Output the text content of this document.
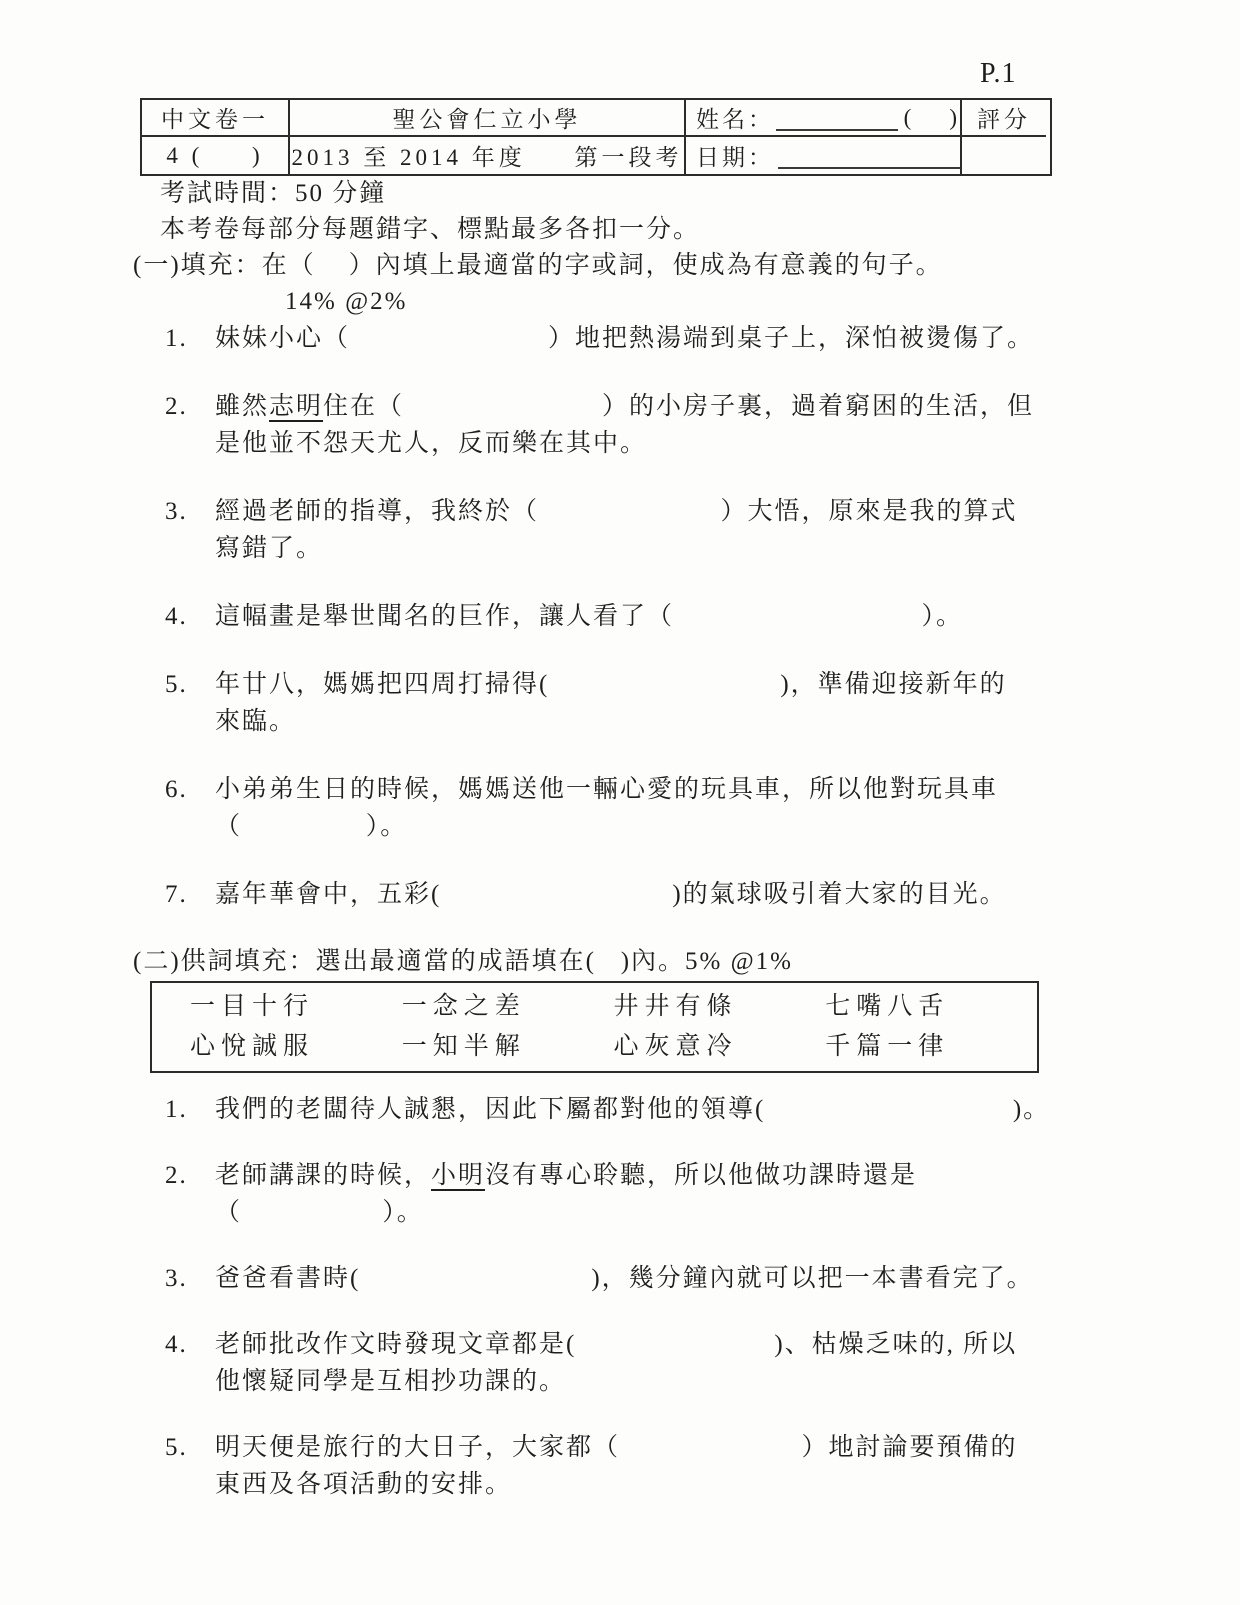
P.1
中文卷一	聖公會仁立小學	姓名：	(    ) 評分
4 (     )	2013 至 2014 年度     第一段考 日期：
考試時間：50 分鐘
本考卷每部分每題錯字、標點最多各扣一分。
(一)填充：在（    ）內填上最適當的字或詞，使成為有意義的句子。
14% @2%
1.	妹妹小心（	）地把熱湯端到桌子上，深怕被燙傷了。
2.	雖然志明住在（	）的小房子裏，過着窮困的生活，但
是他並不怨天尤人，反而樂在其中。
3.	經過老師的指導，我終於（	）大悟，原來是我的算式
寫錯了。
4.	這幅畫是舉世聞名的巨作，讓人看了（	）。
5.	年廿八，媽媽把四周打掃得(	)，準備迎接新年的
來臨。
6.	小弟弟生日的時候，媽媽送他一輛心愛的玩具車，所以他對玩具車
（	）。
7.	嘉年華會中，五彩(	)的氣球吸引着大家的目光。
(二)供詞填充：選出最適當的成語填在(   )內。5% @1%
一目十行	一念之差	井井有條	七嘴八舌
心悅誠服	一知半解	心灰意冷	千篇一律
1.	我們的老闆待人誠懇，因此下屬都對他的領導(	)。
2.	老師講課的時候，小明沒有專心聆聽，所以他做功課時還是
（	）。
3.	爸爸看書時(	)，幾分鐘內就可以把一本書看完了。
4.	老師批改作文時發現文章都是(	)、枯燥乏味的, 所以
他懷疑同學是互相抄功課的。
5.	明天便是旅行的大日子，大家都（	）地討論要預備的
東西及各項活動的安排。
